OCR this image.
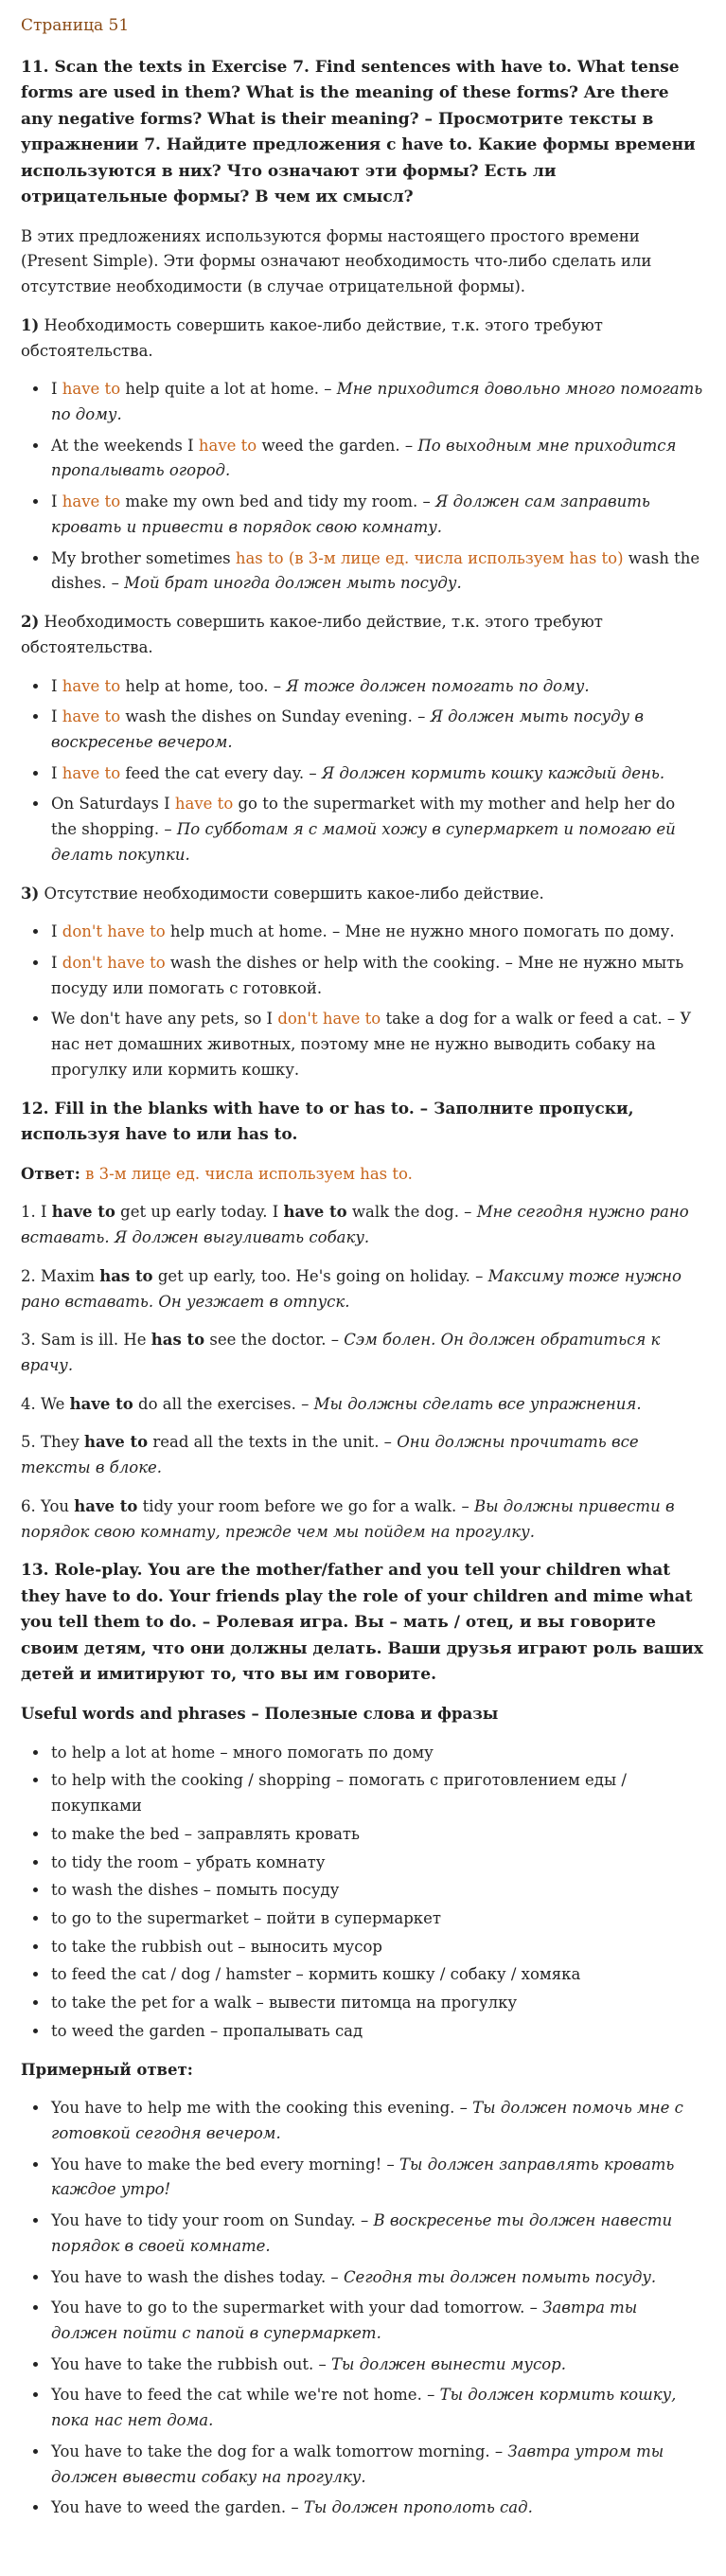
Страница 51
11. Scan the texts in Exercise 7. Find sentences with have to. What tense forms are used in them? What is the meaning of these forms? Are there any negative forms? What is their meaning? – Просмотрите тексты в упражнении 7. Найдите предложения с have to. Какие формы времени используются в них? Что означают эти формы? Есть ли отрицательные формы? В чем их смысл?

В этих предложениях используются формы настоящего простого времени (Present Simple). Эти формы означают необходимость что-либо сделать или отсутствие необходимости (в случае отрицательной формы).

1) Необходимость совершить какое-либо действие, т.к. этого требуют обстоятельства.

• I have to help quite a lot at home. – Мне приходится довольно много помогать по дому.
• At the weekends I have to weed the garden. – По выходным мне приходится пропалывать огород.
• I have to make my own bed and tidy my room. – Я должен сам заправить кровать и привести в порядок свою комнату.
• My brother sometimes has to (в 3-м лице ед. числа используем has to) wash the dishes. – Мой брат иногда должен мыть посуду.

2) Необходимость совершить какое-либо действие, т.к. этого требуют обстоятельства.

• I have to help at home, too. – Я тоже должен помогать по дому.
• I have to wash the dishes on Sunday evening. – Я должен мыть посуду в воскресенье вечером.
• I have to feed the cat every day. – Я должен кормить кошку каждый день.
• On Saturdays I have to go to the supermarket with my mother and help her do the shopping. – По субботам я с мамой хожу в супермаркет и помогаю ей делать покупки.

3) Отсутствие необходимости совершить какое-либо действие.

• I don't have to help much at home. – Мне не нужно много помогать по дому.
• I don't have to wash the dishes or help with the cooking. – Мне не нужно мыть посуду или помогать с готовкой.
• We don't have any pets, so I don't have to take a dog for a walk or feed a cat. – У нас нет домашних животных, поэтому мне не нужно выводить собаку на прогулку или кормить кошку.
12. Fill in the blanks with have to or has to. – Заполните пропуски, используя have to или has to.

Ответ: в 3-м лице ед. числа используем has to.

1. I have to get up early today. I have to walk the dog. – Мне сегодня нужно рано вставать. Я должен выгуливать собаку.

2. Maxim has to get up early, too. He's going on holiday. – Максиму тоже нужно рано вставать. Он уезжает в отпуск.

3. Sam is ill. He has to see the doctor. – Сэм болен. Он должен обратиться к врачу.

4. We have to do all the exercises. – Мы должны сделать все упражнения.

5. They have to read all the texts in the unit. – Они должны прочитать все тексты в блоке.

6. You have to tidy your room before we go for a walk. – Вы должны привести в порядок свою комнату, прежде чем мы пойдем на прогулку.

13. Role-play. You are the mother/father and you tell your children what they have to do. Your friends play the role of your children and mime what you tell them to do. – Ролевая игра. Вы – мать / отец, и вы говорите своим детям, что они должны делать. Ваши друзья играют роль ваших детей и имитируют то, что вы им говорите.

Useful words and phrases – Полезные слова и фразы

• to help a lot at home – много помогать по дому
• to help with the cooking / shopping – помогать с приготовлением еды / покупками
• to make the bed – заправлять кровать
• to tidy the room – убрать комнату
• to wash the dishes – помыть посуду
• to go to the supermarket – пойти в супермаркет
• to take the rubbish out – выносить мусор
• to feed the cat / dog / hamster – кормить кошку / собаку / хомяка
• to take the pet for a walk – вывести питомца на прогулку
• to weed the garden – пропалывать сад

Примерный ответ:

• You have to help me with the cooking this evening. – Ты должен помочь мне с готовкой сегодня вечером.
• You have to make the bed every morning! – Ты должен заправлять кровать каждое утро!
• You have to tidy your room on Sunday. – В воскресенье ты должен навести порядок в своей комнате.
• You have to wash the dishes today. – Сегодня ты должен помыть посуду.
• You have to go to the supermarket with your dad tomorrow. – Завтра ты должен пойти с папой в супермаркет.
• You have to take the rubbish out. – Ты должен вынести мусор.
• You have to feed the cat while we're not home. – Ты должен кормить кошку, пока нас нет дома.
• You have to take the dog for a walk tomorrow morning. – Завтра утром ты должен вывести собаку на прогулку.
• You have to weed the garden. – Ты должен прополоть сад.
